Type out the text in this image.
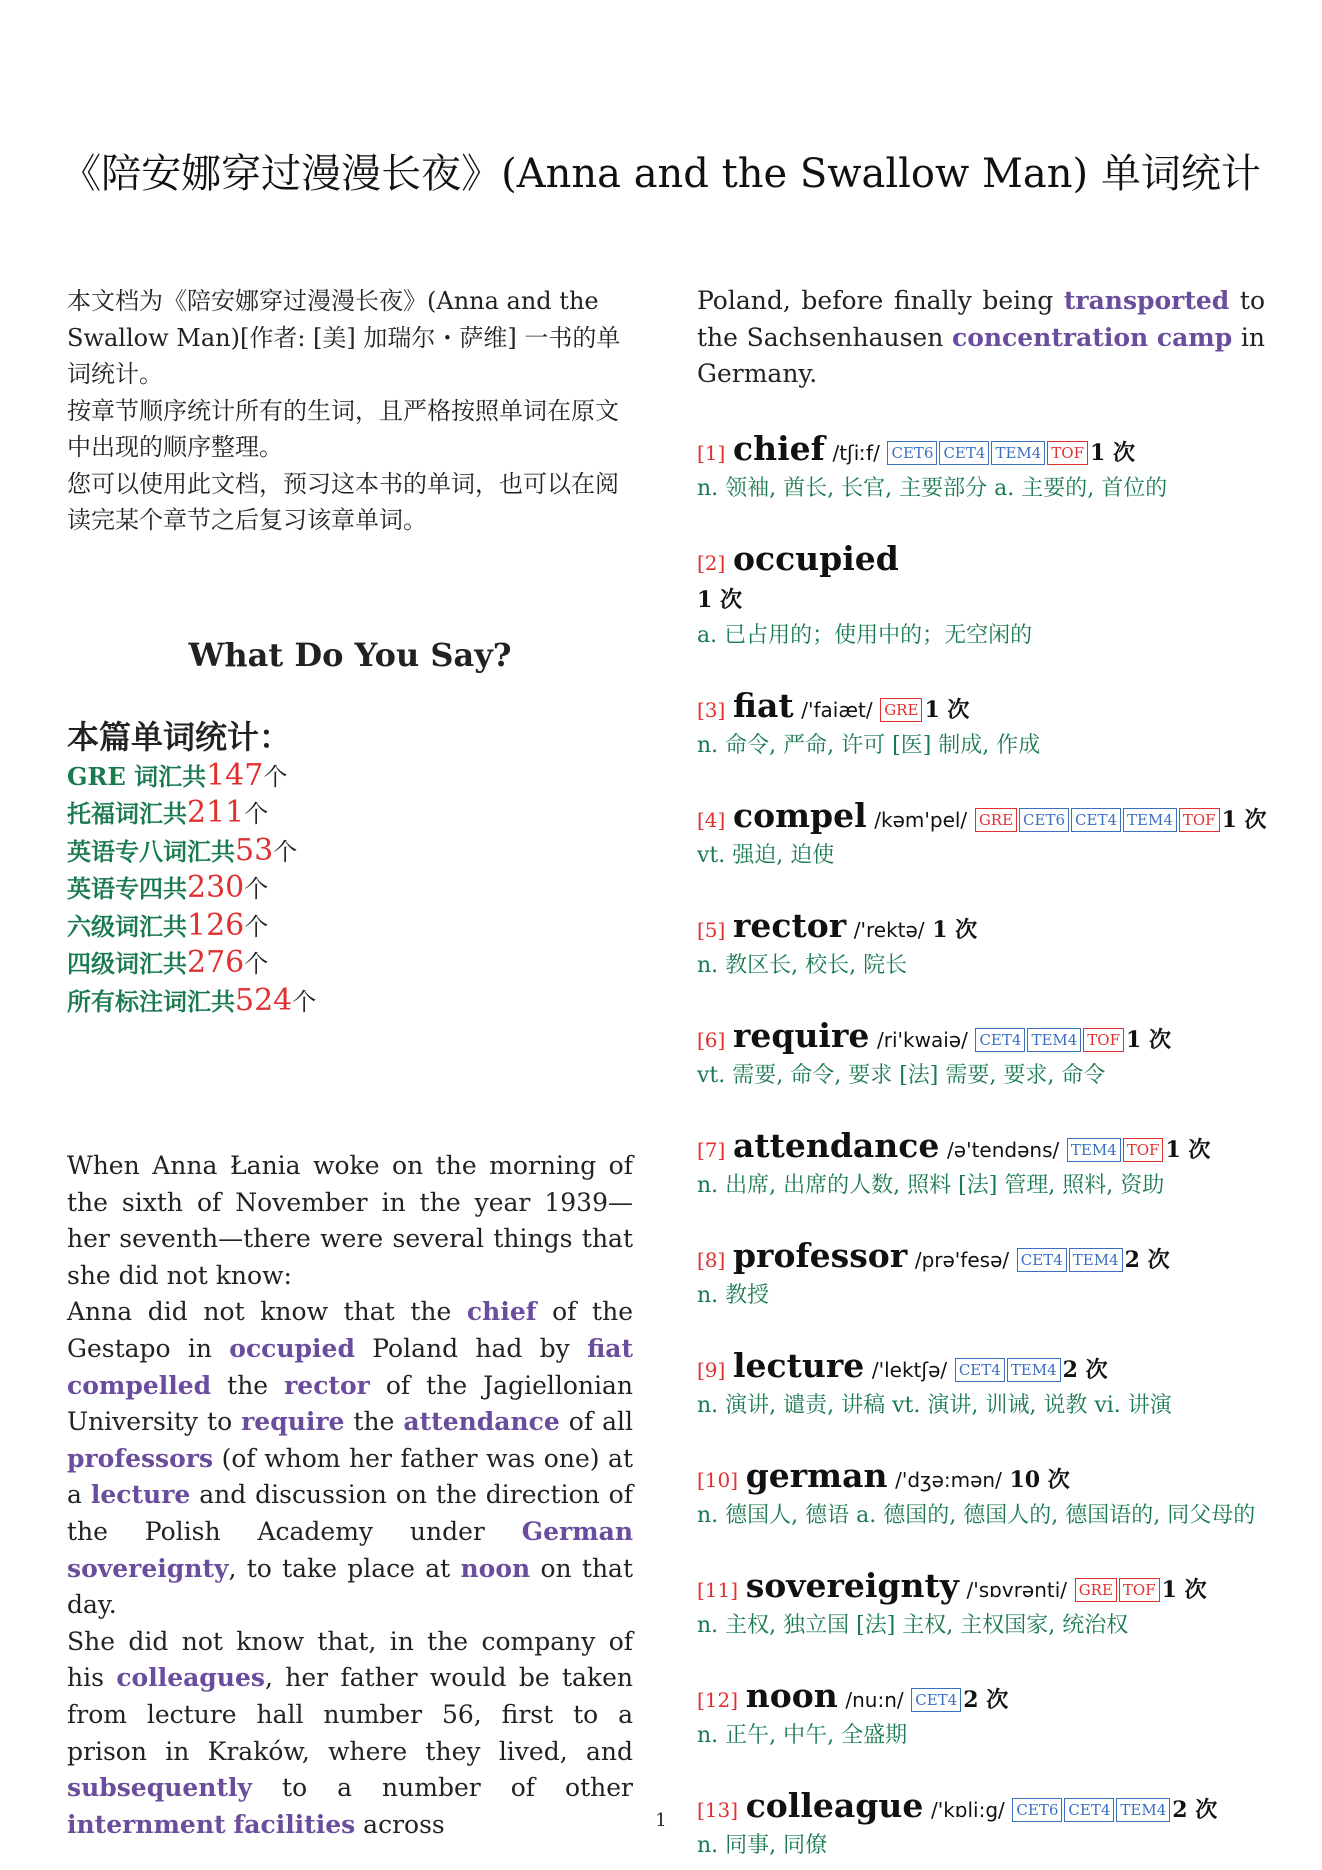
《陪安娜穿过漫漫长夜》(Anna and the Swallow Man) 单词统计

本文档为《陪安娜穿过漫漫长夜》(Anna and the Swallow Man)[作者: [美] 加瑞尔・萨维] 一书的单词统计。

按章节顺序统计所有的生词，且严格按照单词在原文中出现的顺序整理。

您可以使用此文档，预习这本书的单词，也可以在阅读完某个章节之后复习该章单词。

What Do You Say?
本篇单词统计：
GRE 词汇共147个
托福词汇共211个
英语专八词汇共53个
英语专四共230个
六级词汇共126个
四级词汇共276个
所有标注词汇共524个

When Anna Łania woke on the morning of the sixth of November in the year 1939—her seventh—there were several things that she did not know:

Anna did not know that the chief of the Gestapo in occupied Poland had by fiat compelled the rector of the Jagiellonian University to require the attendance of all professors (of whom her father was one) at a lecture and discussion on the direction of the Polish Academy under German sovereignty, to take place at noon on that day.

She did not know that, in the company of his colleagues, her father would be taken from lecture hall number 56, first to a prison in Kraków, where they lived, and subsequently to a number of other internment facilities across

Poland, before finally being transported to the Sachsenhausen concentration camp in Germany.

[1] chief /tʃiːf/ CET6 CET4 TEM4 TOF 1 次
n. 领袖, 酋长, 长官, 主要部分 a. 主要的, 首位的
[2] occupied
1 次
a. 已占用的；使用中的；无空闲的
[3] fiat /'faiæt/ GRE 1 次
n. 命令, 严命, 许可 [医] 制成, 作成
[4] compel /kəm'pel/ GRE CET6 CET4 TEM4 TOF 1 次
vt. 强迫, 迫使
[5] rector /'rektə/ 1 次
n. 教区长, 校长, 院长
[6] require /ri'kwaiə/ CET4 TEM4 TOF 1 次
vt. 需要, 命令, 要求 [法] 需要, 要求, 命令
[7] attendance /ə'tendəns/ TEM4 TOF 1 次
n. 出席, 出席的人数, 照料 [法] 管理, 照料, 资助
[8] professor /prə'fesə/ CET4 TEM4 2 次
n. 教授
[9] lecture /'lektʃə/ CET4 TEM4 2 次
n. 演讲, 谴责, 讲稿 vt. 演讲, 训诫, 说教 vi. 讲演
[10] german /'dʒə:mən/ 10 次
n. 德国人, 德语 a. 德国的, 德国人的, 德国语的, 同父母的
[11] sovereignty /'sɒvrənti/ GRE TOF 1 次
n. 主权, 独立国 [法] 主权, 主权国家, 统治权
[12] noon /nu:n/ CET4 2 次
n. 正午, 中午, 全盛期
[13] colleague /'kɒli:g/ CET6 CET4 TEM4 2 次
n. 同事, 同僚
1
